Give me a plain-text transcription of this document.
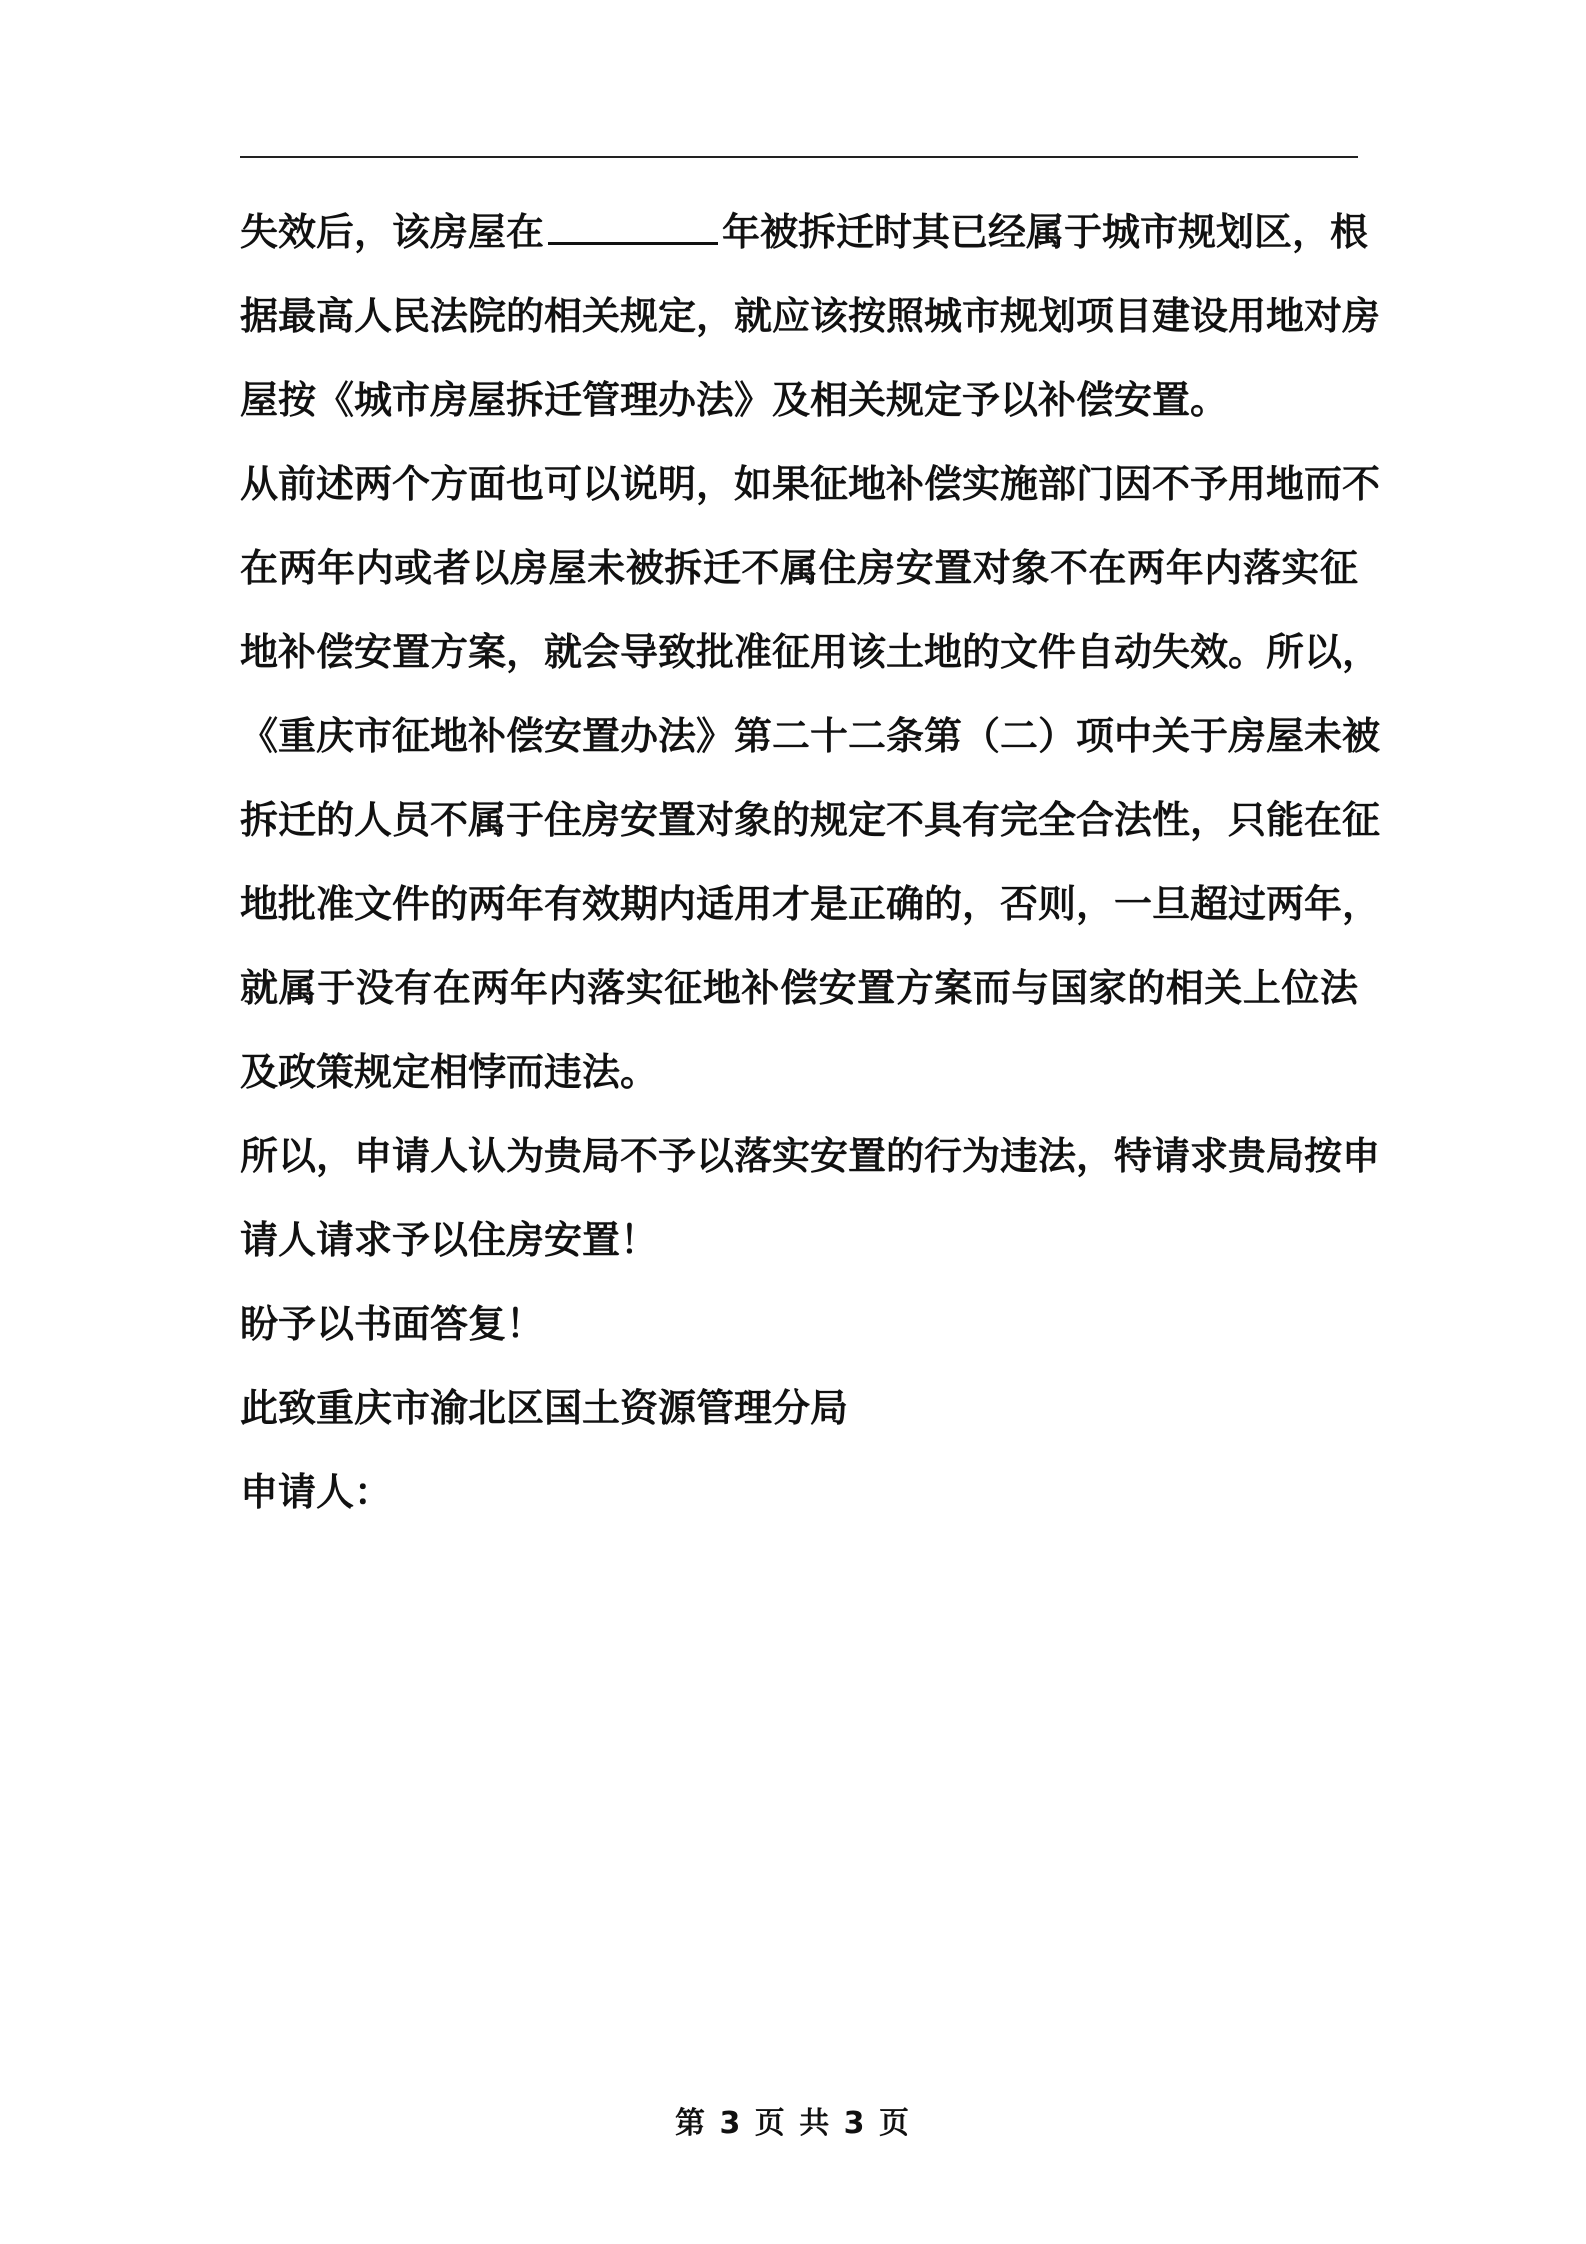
失效后，该房屋在	年被拆迁时其已经属于城市规划区，根
据最高人民法院的相关规定，就应该按照城市规划项目建设用地对房
屋按《城市房屋拆迁管理办法》及相关规定予以补偿安置。
从前述两个方面也可以说明，如果征地补偿实施部门因不予用地而不
在两年内或者以房屋未被拆迁不属住房安置对象不在两年内落实征
地补偿安置方案，就会导致批准征用该土地的文件自动失效。所以，
《重庆市征地补偿安置办法》第二十二条第（二）项中关于房屋未被
拆迁的人员不属于住房安置对象的规定不具有完全合法性，只能在征
地批准文件的两年有效期内适用才是正确的，否则，一旦超过两年，
就属于没有在两年内落实征地补偿安置方案而与国家的相关上位法
及政策规定相悖而违法。
所以，申请人认为贵局不予以落实安置的行为违法，特请求贵局按申
请人请求予以住房安置！
盼予以书面答复！
此致重庆市渝北区国土资源管理分局
申请人：
第 3 页 共 3 页
